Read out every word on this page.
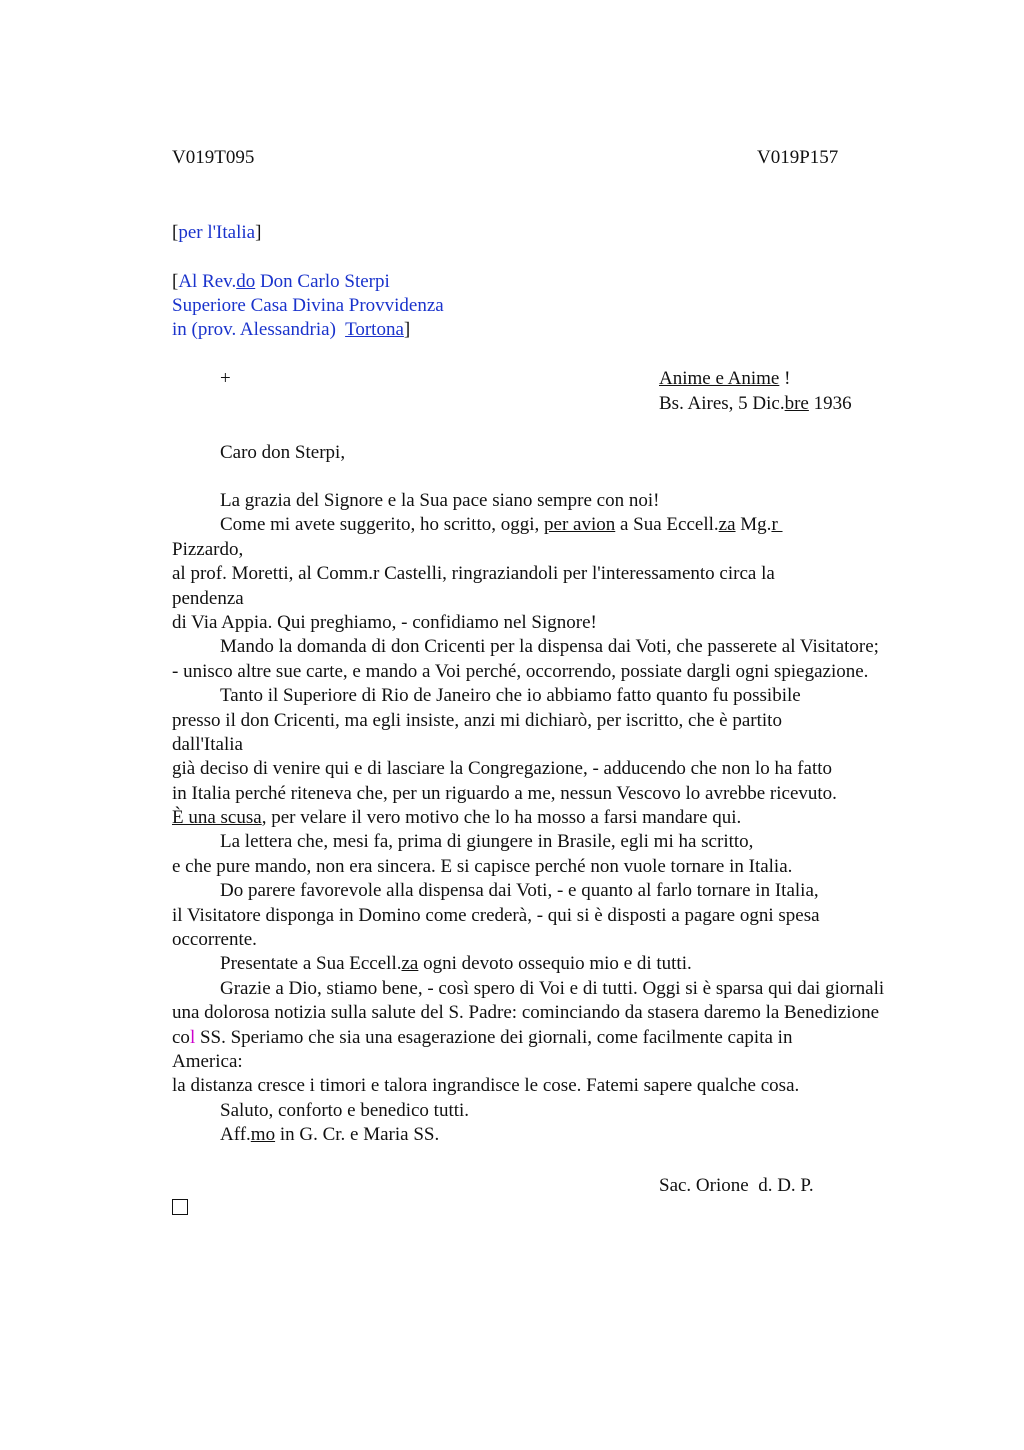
V019T095	V019P157
[per l'Italia]
[Al Rev.do Don Carlo Sterpi
Superiore Casa Divina Provvidenza
in (prov. Alessandria)  Tortona]
+	Anime e Anime !
Bs. Aires, 5 Dic.bre 1936
Caro don Sterpi,
La grazia del Signore e la Sua pace siano sempre con noi!
Come mi avete suggerito, ho scritto, oggi, per avion a Sua Eccell.za Mg.r
Pizzardo,
al prof. Moretti, al Comm.r Castelli, ringraziandoli per l'interessamento circa la
pendenza
di Via Appia. Qui preghiamo, - confidiamo nel Signore!
Mando la domanda di don Cricenti per la dispensa dai Voti, che passerete al Visitatore;
- unisco altre sue carte, e mando a Voi perché, occorrendo, possiate dargli ogni spiegazione.
Tanto il Superiore di Rio de Janeiro che io abbiamo fatto quanto fu possibile
presso il don Cricenti, ma egli insiste, anzi mi dichiarò, per iscritto, che è partito
dall'Italia
già deciso di venire qui e di lasciare la Congregazione, - adducendo che non lo ha fatto
in Italia perché riteneva che, per un riguardo a me, nessun Vescovo lo avrebbe ricevuto.
È una scusa, per velare il vero motivo che lo ha mosso a farsi mandare qui.
La lettera che, mesi fa, prima di giungere in Brasile, egli mi ha scritto,
e che pure mando, non era sincera. E si capisce perché non vuole tornare in Italia.
Do parere favorevole alla dispensa dai Voti, - e quanto al farlo tornare in Italia,
il Visitatore disponga in Domino come crederà, - qui si è disposti a pagare ogni spesa
occorrente.
Presentate a Sua Eccell.za ogni devoto ossequio mio e di tutti.
Grazie a Dio, stiamo bene, - così spero di Voi e di tutti. Oggi si è sparsa qui dai giornali
una dolorosa notizia sulla salute del S. Padre: cominciando da stasera daremo la Benedizione
col SS. Speriamo che sia una esagerazione dei giornali, come facilmente capita in
America:
la distanza cresce i timori e talora ingrandisce le cose. Fatemi sapere qualche cosa.
Saluto, conforto e benedico tutti.
Aff.mo in G. Cr. e Maria SS.
Sac. Orione  d. D. P.
